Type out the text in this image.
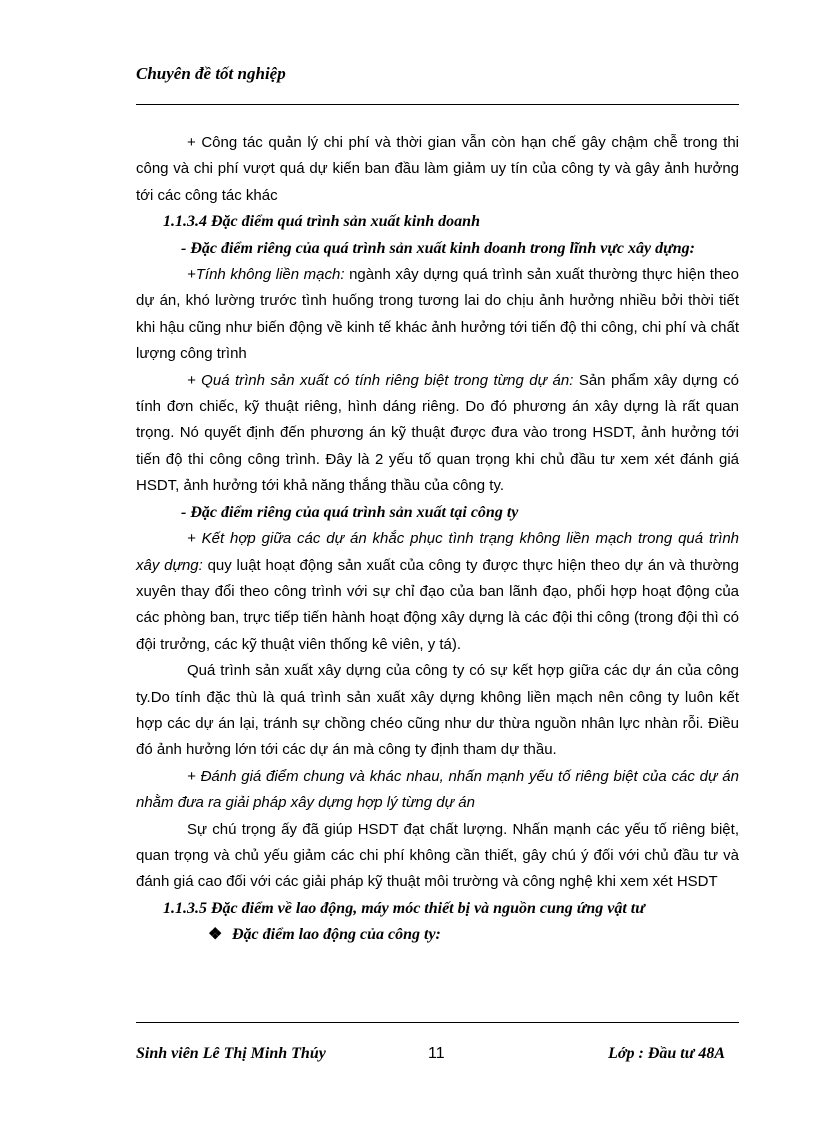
Chuyên đề tốt nghiệp

+ Công tác quản lý chi phí và thời gian vẫn còn hạn chế gây chậm chễ trong thi công và chi phí vượt quá dự kiến ban đầu làm giảm uy tín của công ty và gây ảnh hưởng tới các công tác khác

1.1.3.4 Đặc điểm quá trình sản xuất kinh doanh

- Đặc điểm riêng của quá trình sản xuất kinh doanh trong lĩnh vực xây dựng:

+Tính không liền mạch: ngành xây dựng quá trình sản xuất thường thực hiện theo dự án, khó lường trước tình huống trong tương lai do chịu ảnh hưởng nhiều bởi thời tiết khi hậu cũng như biến động về kinh tế khác ảnh hưởng tới tiến độ thi công, chi phí và chất lượng công trình

+ Quá trình sản xuất có tính riêng biệt trong từng dự án: Sản phẩm xây dựng có tính đơn chiếc, kỹ thuật riêng, hình dáng riêng. Do đó phương án xây dựng là rất quan trọng. Nó quyết định đến phương án kỹ thuật được đưa vào trong HSDT, ảnh hưởng tới tiến độ thi công công trình. Đây là 2 yếu tố quan trọng khi chủ đầu tư xem xét đánh giá HSDT, ảnh hưởng tới khả năng thắng thầu của công ty.

- Đặc điểm riêng của quá trình sản xuất tại công ty

+ Kết hợp giữa các dự án khắc phục tình trạng không liền mạch trong quá trình xây dựng: quy luật hoạt động sản xuất của công ty được thực hiện theo dự án và thường xuyên thay đổi theo công trình với sự chỉ đạo của ban lãnh đạo, phối hợp hoạt động của các phòng ban, trực tiếp tiến hành hoạt động xây dựng là các đội thi công (trong đội thì có đội trưởng, các kỹ thuật viên thống kê viên, y tá).

Quá trình sản xuất xây dựng của công ty có sự kết hợp giữa các dự án của công ty.Do tính đặc thù là quá trình sản xuất xây dựng không liền mạch nên công ty luôn kết hợp các dự án lại, tránh sự chồng chéo cũng như dư thừa nguồn nhân lực nhàn rỗi. Điều đó ảnh hưởng lớn tới các dự án mà công ty định tham dự thầu.

+ Đánh giá điểm chung và khác nhau, nhấn mạnh yếu tố riêng biệt của các dự án nhằm đưa ra giải pháp xây dựng hợp lý từng dự án

Sự chú trọng ấy đã giúp HSDT đạt chất lượng. Nhấn mạnh các yếu tố riêng biệt, quan trọng và chủ yếu giảm các chi phí không cần thiết, gây chú ý đối với chủ đầu tư và đánh giá cao đối với các giải pháp kỹ thuật môi trường và công nghệ khi xem xét HSDT

1.1.3.5 Đặc điểm về lao động, máy móc thiết bị và nguồn cung ứng vật tư

❖ Đặc điểm lao động của công ty:

Sinh viên Lê Thị Minh Thúy	11	Lớp : Đầu tư 48A
